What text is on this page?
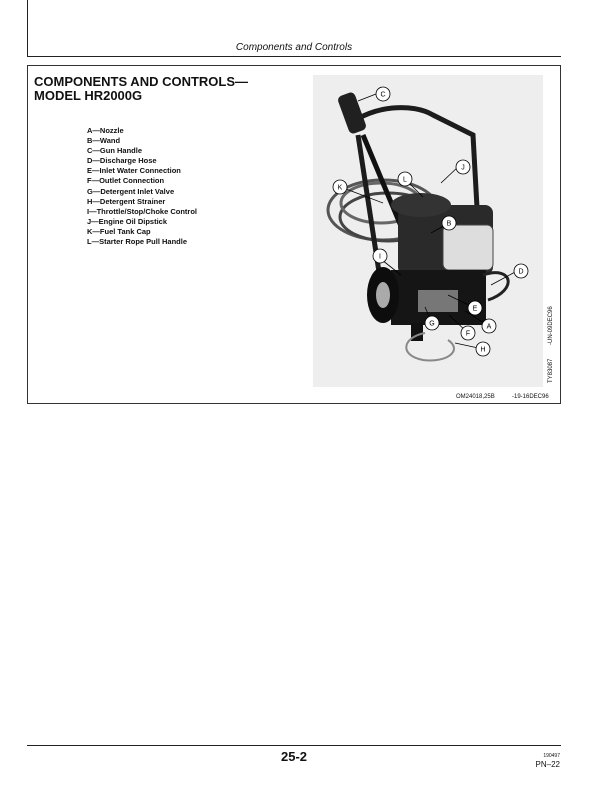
Components and Controls
COMPONENTS AND CONTROLS—
MODEL HR2000G
A—Nozzle
B—Wand
C—Gun Handle
D—Discharge Hose
E—Inlet Water Connection
F—Outlet Connection
G—Detergent Inlet Valve
H—Detergent Strainer
I—Throttle/Stop/Choke Control
J—Engine Oil Dipstick
K—Fuel Tank Cap
L—Starter Rope Pull Handle
A
B
C
D
E
F
G
H
I
J
K
L
-UN-09DEC96
TY83087
OM24018,25B	-19-16DEC96
25-2	190497
PN–22
